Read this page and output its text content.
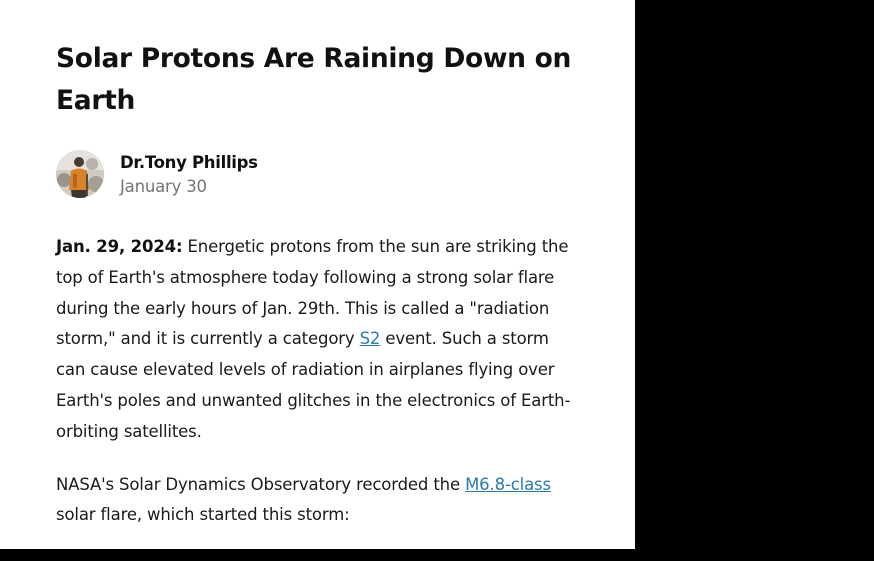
Solar Protons Are Raining Down on Earth
Dr.Tony Phillips
January 30

Jan. 29, 2024: Energetic protons from the sun are striking the top of Earth's atmosphere today following a strong solar flare during the early hours of Jan. 29th. This is called a "radiation storm," and it is currently a category S2 event. Such a storm can cause elevated levels of radiation in airplanes flying over Earth's poles and unwanted glitches in the electronics of Earth-orbiting satellites.

NASA's Solar Dynamics Observatory recorded the M6.8-class solar flare, which started this storm:
